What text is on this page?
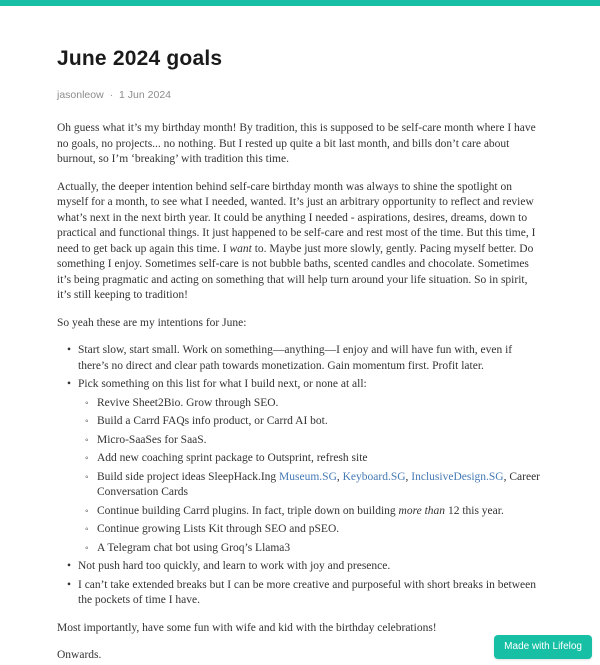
June 2024 goals
jasonleow · 1 Jun 2024

Oh guess what it’s my birthday month! By tradition, this is supposed to be self-care month where I have no goals, no projects... no nothing. But I rested up quite a bit last month, and bills don’t care about burnout, so I’m ‘breaking’ with tradition this time.

Actually, the deeper intention behind self-care birthday month was always to shine the spotlight on myself for a month, to see what I needed, wanted. It’s just an arbitrary opportunity to reflect and review what’s next in the next birth year. It could be anything I needed - aspirations, desires, dreams, down to practical and functional things. It just happened to be self-care and rest most of the time. But this time, I need to get back up again this time. I want to. Maybe just more slowly, gently. Pacing myself better. Do something I enjoy. Sometimes self-care is not bubble baths, scented candles and chocolate. Sometimes it’s being pragmatic and acting on something that will help turn around your life situation. So in spirit, it’s still keeping to tradition!

So yeah these are my intentions for June:

• Start slow, start small. Work on something—anything—I enjoy and will have fun with, even if there’s no direct and clear path towards monetization. Gain momentum first. Profit later.
• Pick something on this list for what I build next, or none at all:
◦ Revive Sheet2Bio. Grow through SEO.
◦ Build a Carrd FAQs info product, or Carrd AI bot.
◦ Micro-SaaSes for SaaS.
◦ Add new coaching sprint package to Outsprint, refresh site
◦ Build side project ideas SleepHack.Ing Museum.SG, Keyboard.SG, InclusiveDesign.SG, Career Conversation Cards
◦ Continue building Carrd plugins. In fact, triple down on building more than 12 this year.
◦ Continue growing Lists Kit through SEO and pSEO.
◦ A Telegram chat bot using Groq’s Llama3
• Not push hard too quickly, and learn to work with joy and presence.
• I can’t take extended breaks but I can be more creative and purposeful with short breaks in between the pockets of time I have.

Most importantly, have some fun with wife and kid with the birthday celebrations!

Onwards.

Made with Lifelog
